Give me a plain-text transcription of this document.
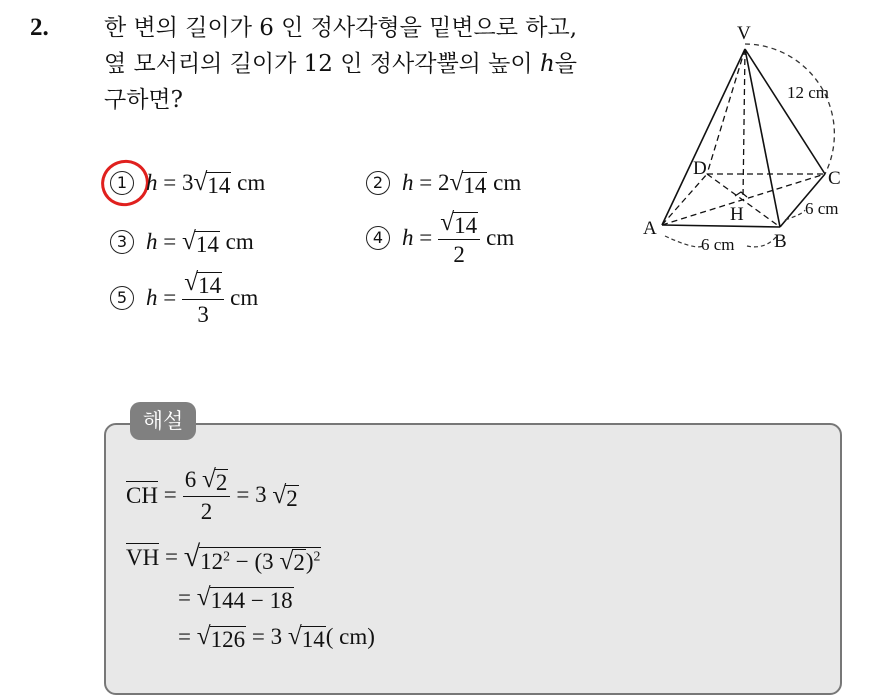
2. 한 변의 길이가 6 인 정사각형을 밑변으로 하고,
옆 모서리의 길이가 12 인 정사각뿔의 높이 h을
구하면?
1 h
=
3 √ 14
cm	2 h
=
2 √ 14
cm
3 h
=
√ 14
cm	4 h
= $\frac{√ 14}{2}$ cm
5 h
= $\frac{√ 14}{3}$ cm
V
A
B
C
D
H
12 cm
6 cm
6 cm
해설
CH
= $\frac{6 √ 2}{2}$ =
3
√ 2
VH
=
√ $12^2 - (3$ √ 2 )$^2$
=
√ 144 − 18
=
√ 126
=
3
√ 14 ( cm)
